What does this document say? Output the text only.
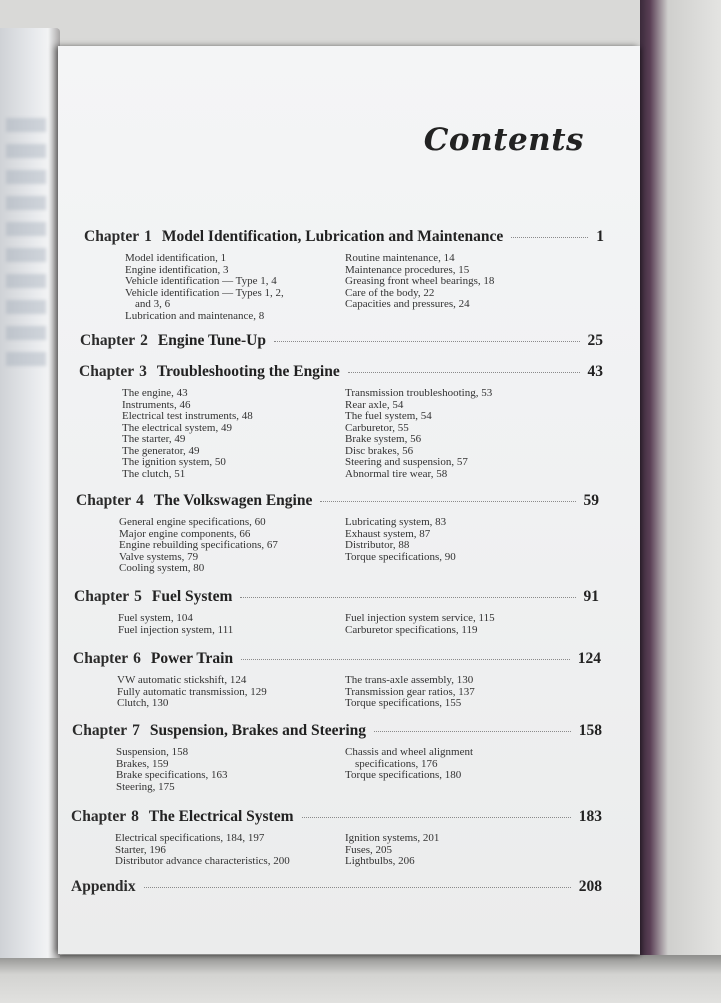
Contents
Chapter 1 Model Identification, Lubrication and Maintenance	1
Model identification, 1
Engine identification, 3
Vehicle identification — Type 1, 4
Vehicle identification — Types 1, 2,
and 3, 6
Lubrication and maintenance, 8
Routine maintenance, 14
Maintenance procedures, 15
Greasing front wheel bearings, 18
Care of the body, 22
Capacities and pressures, 24
Chapter 2 Engine Tune-Up	25
Chapter 3 Troubleshooting the Engine	43
The engine, 43
Instruments, 46
Electrical test instruments, 48
The electrical system, 49
The starter, 49
The generator, 49
The ignition system, 50
The clutch, 51
Transmission troubleshooting, 53
Rear axle, 54
The fuel system, 54
Carburetor, 55
Brake system, 56
Disc brakes, 56
Steering and suspension, 57
Abnormal tire wear, 58
Chapter 4 The Volkswagen Engine	59
General engine specifications, 60
Major engine components, 66
Engine rebuilding specifications, 67
Valve systems, 79
Cooling system, 80
Lubricating system, 83
Exhaust system, 87
Distributor, 88
Torque specifications, 90
Chapter 5 Fuel System	91
Fuel system, 104
Fuel injection system, 111
Fuel injection system service, 115
Carburetor specifications, 119
Chapter 6 Power Train	124
VW automatic stickshift, 124
Fully automatic transmission, 129
Clutch, 130
The trans-axle assembly, 130
Transmission gear ratios, 137
Torque specifications, 155
Chapter 7 Suspension, Brakes and Steering	158
Suspension, 158
Brakes, 159
Brake specifications, 163
Steering, 175
Chassis and wheel alignment
specifications, 176
Torque specifications, 180
Chapter 8 The Electrical System	183
Electrical specifications, 184, 197
Starter, 196
Distributor advance characteristics, 200
Ignition systems, 201
Fuses, 205
Lightbulbs, 206
Appendix	208
